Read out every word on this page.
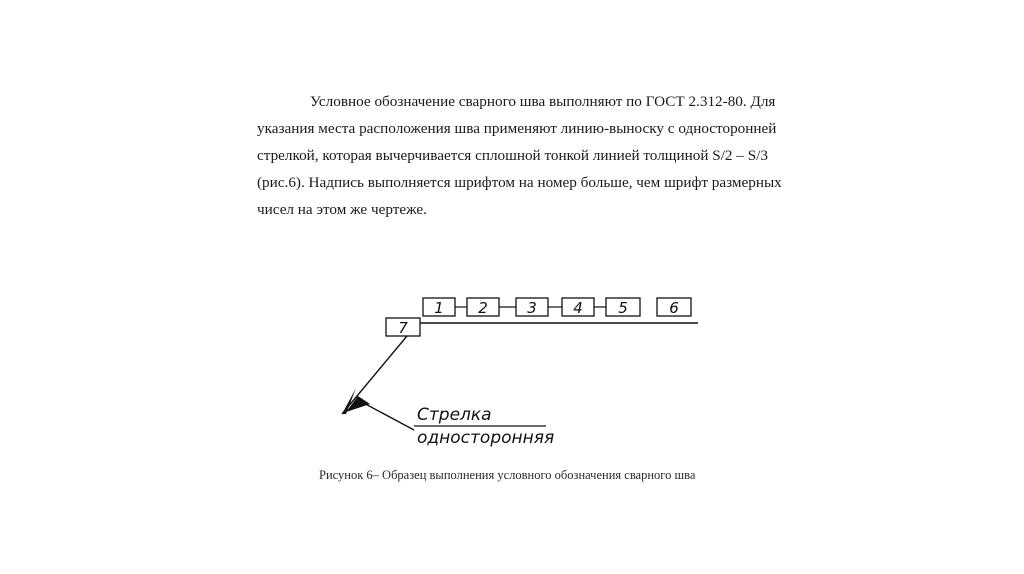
Условное обозначение сварного шва выполняют по ГОСТ 2.312-80. Для
указания места расположения шва применяют линию-выноску с односторонней
стрелкой, которая вычерчивается сплошной тонкой линией толщиной S/2 – S/3
(рис.6). Надпись выполняется шрифтом на номер больше, чем шрифт размерных
чисел на этом же чертеже.

1 2	3 4 5	6
7
Стрелка
односторонняя

Рисунок 6– Образец выполнения условного обозначения сварного шва
